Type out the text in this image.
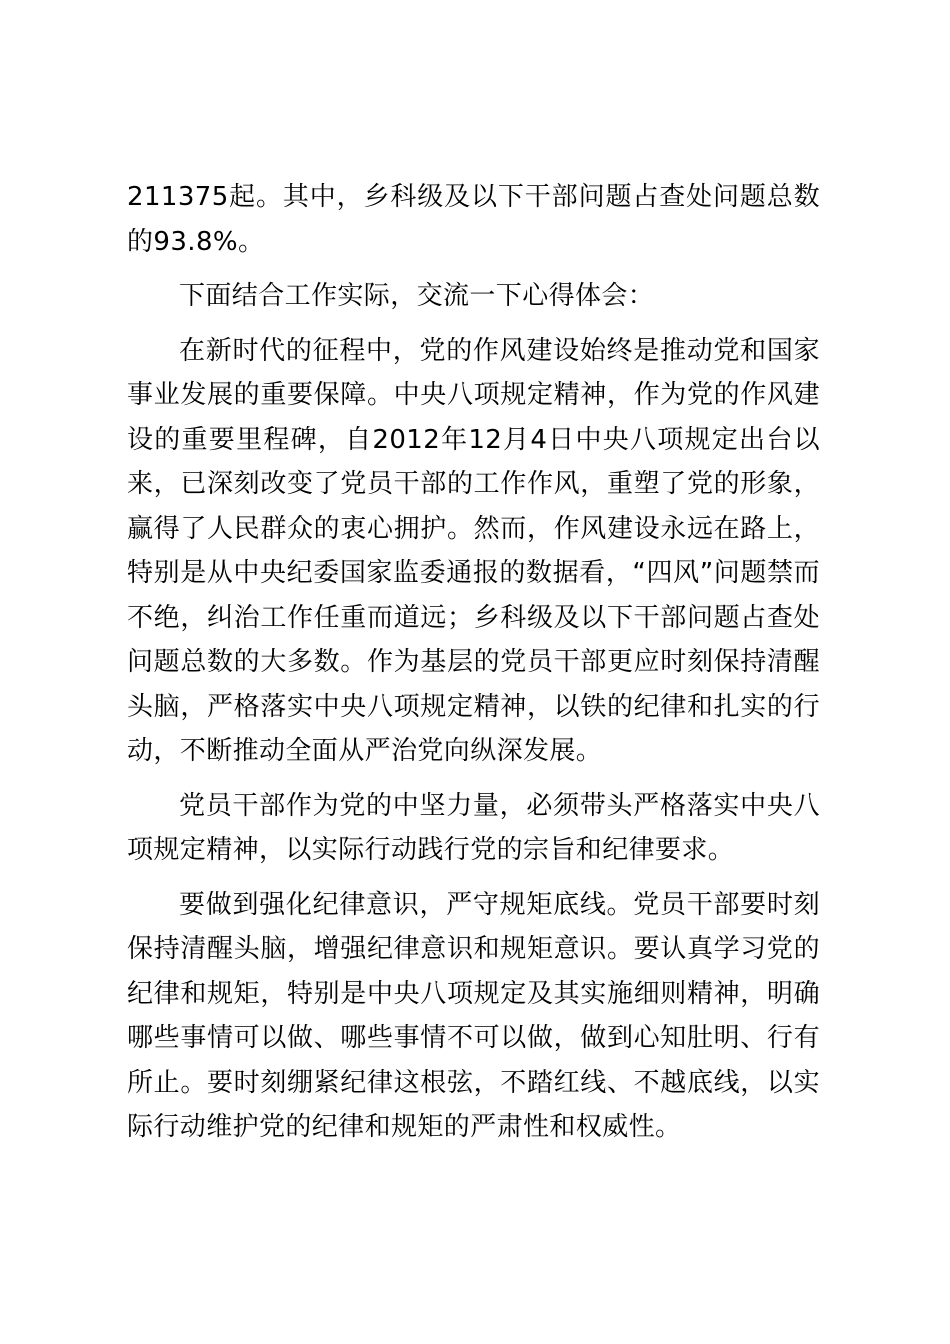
211375起。其中，乡科级及以下干部问题占查处问题总数的93.8%。

下面结合工作实际，交流一下心得体会：

在新时代的征程中，党的作风建设始终是推动党和国家事业发展的重要保障。中央八项规定精神，作为党的作风建设的重要里程碑，自2012年12月4日中央八项规定出台以来，已深刻改变了党员干部的工作作风，重塑了党的形象，赢得了人民群众的衷心拥护。然而，作风建设永远在路上，特别是从中央纪委国家监委通报的数据看，“四风”问题禁而不绝，纠治工作任重而道远；乡科级及以下干部问题占查处问题总数的大多数。作为基层的党员干部更应时刻保持清醒头脑，严格落实中央八项规定精神，以铁的纪律和扎实的行动，不断推动全面从严治党向纵深发展。

党员干部作为党的中坚力量，必须带头严格落实中央八项规定精神，以实际行动践行党的宗旨和纪律要求。

要做到强化纪律意识，严守规矩底线。党员干部要时刻保持清醒头脑，增强纪律意识和规矩意识。要认真学习党的纪律和规矩，特别是中央八项规定及其实施细则精神，明确哪些事情可以做、哪些事情不可以做，做到心知肚明、行有所止。要时刻绷紧纪律这根弦，不踏红线、不越底线，以实际行动维护党的纪律和规矩的严肃性和权威性。
